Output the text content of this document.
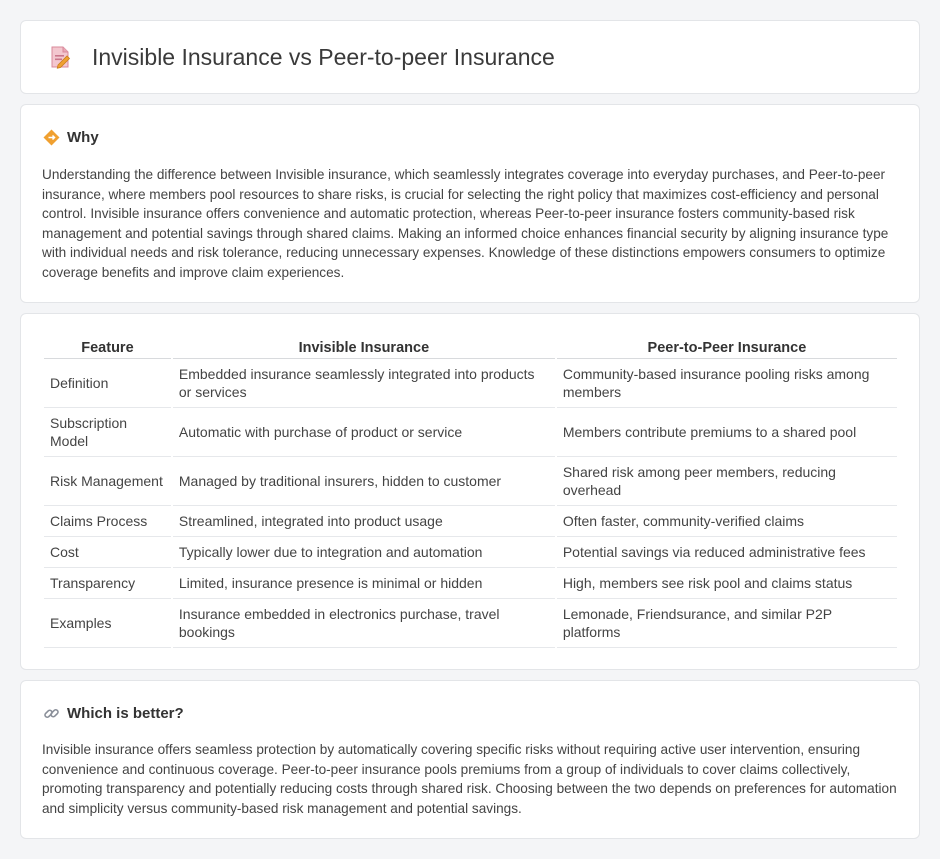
Invisible Insurance vs Peer-to-peer Insurance
Why

Understanding the difference between Invisible insurance, which seamlessly integrates coverage into everyday purchases, and Peer-to-peer insurance, where members pool resources to share risks, is crucial for selecting the right policy that maximizes cost-efficiency and personal control. Invisible insurance offers convenience and automatic protection, whereas Peer-to-peer insurance fosters community-based risk management and potential savings through shared claims. Making an informed choice enhances financial security by aligning insurance type with individual needs and risk tolerance, reducing unnecessary expenses. Knowledge of these distinctions empowers consumers to optimize coverage benefits and improve claim experiences.

Feature	Invisible Insurance	Peer-to-Peer Insurance
Definition	Embedded insurance seamlessly integrated into products or services	Community-based insurance pooling risks among members
Subscription Model	Automatic with purchase of product or service	Members contribute premiums to a shared pool
Risk Management	Managed by traditional insurers, hidden to customer	Shared risk among peer members, reducing overhead
Claims Process	Streamlined, integrated into product usage	Often faster, community-verified claims
Cost	Typically lower due to integration and automation	Potential savings via reduced administrative fees
Transparency	Limited, insurance presence is minimal or hidden	High, members see risk pool and claims status
Examples	Insurance embedded in electronics purchase, travel bookings	Lemonade, Friendsurance, and similar P2P platforms
Which is better?

Invisible insurance offers seamless protection by automatically covering specific risks without requiring active user intervention, ensuring convenience and continuous coverage. Peer-to-peer insurance pools premiums from a group of individuals to cover claims collectively, promoting transparency and potentially reducing costs through shared risk. Choosing between the two depends on preferences for automation and simplicity versus community-based risk management and potential savings.
